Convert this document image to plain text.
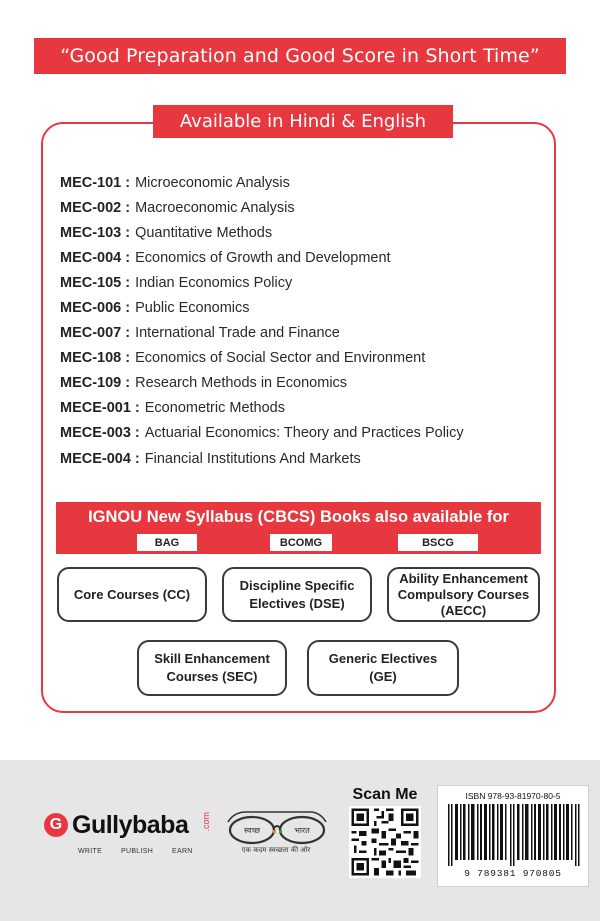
“Good Preparation and Good Score in Short Time”
Available in Hindi & English
MEC-101 : Microeconomic Analysis
MEC-002 : Macroeconomic Analysis
MEC-103 : Quantitative Methods
MEC-004 : Economics of Growth and Development
MEC-105 : Indian Economics Policy
MEC-006 : Public Economics
MEC-007 : International Trade and Finance
MEC-108 : Economics of Social Sector and Environment
MEC-109 : Research Methods in Economics
MECE-001 : Econometric Methods
MECE-003 : Actuarial Economics: Theory and Practices Policy
MECE-004 : Financial Institutions And Markets
IGNOU New Syllabus (CBCS) Books also available for
BAG	BCOMG	BSCG
Core Courses (CC)
Discipline Specific
Electives (DSE)
Ability Enhancement
Compulsory Courses
(AECC)
Skill Enhancement
Courses (SEC)
Generic Electives
(GE)
G Gullybaba .com
WRITE	PUBLISH	EARN
स्वच्छ	भारत
एक कदम स्वच्छता की ओर
Scan Me	ISBN 978-93-81970-80-5
9 789381 970805
